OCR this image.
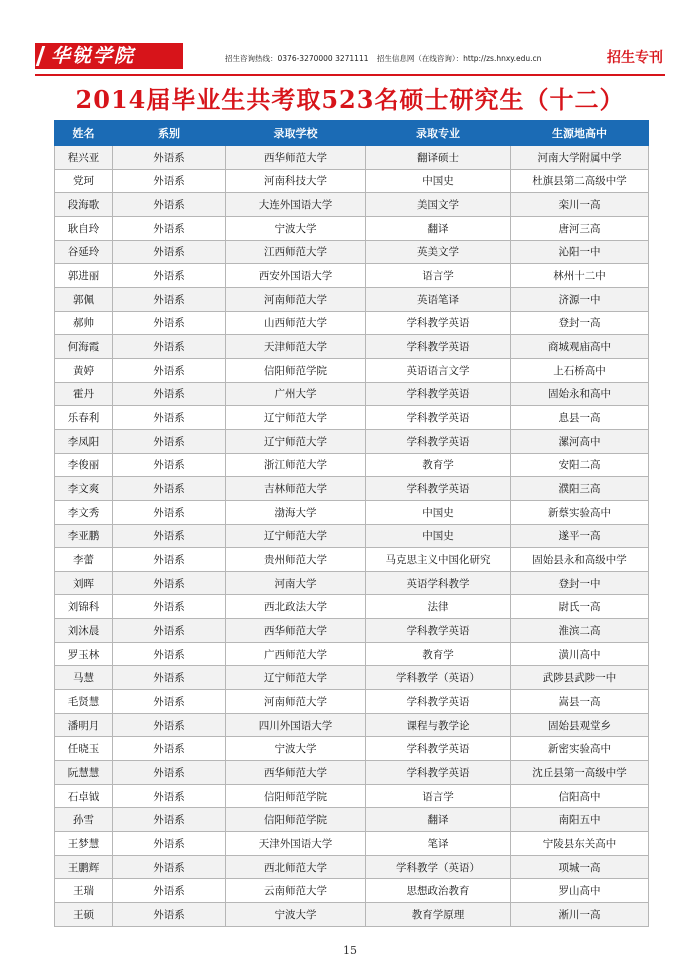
华锐学院	招生咨询热线：0376-3270000 3271111 招生信息网（在线咨询）：http://zs.hnxy.edu.cn	招生专刊
2014届毕业生共考取523名硕士研究生（十二）
姓名	系别	录取学校	录取专业	生源地高中
程兴亚	外语系	西华师范大学	翻译硕士	河南大学附属中学
党珂	外语系	河南科技大学	中国史	杜旗县第二高级中学
段海歌	外语系	大连外国语大学	美国文学	栾川一高
耿自玲	外语系	宁波大学	翻译	唐河三高
谷延玲	外语系	江西师范大学	英美文学	沁阳一中
郭进丽	外语系	西安外国语大学	语言学	林州十二中
郭佩	外语系	河南师范大学	英语笔译	济源一中
郝帅	外语系	山西师范大学	学科教学英语	登封一高
何海霞	外语系	天津师范大学	学科教学英语	商城观庙高中
黄婷	外语系	信阳师范学院	英语语言文学	上石桥高中
霍丹	外语系	广州大学	学科教学英语	固始永和高中
乐春利	外语系	辽宁师范大学	学科教学英语	息县一高
李凤阳	外语系	辽宁师范大学	学科教学英语	漯河高中
李俊丽	外语系	浙江师范大学	教育学	安阳二高
李文爽	外语系	吉林师范大学	学科教学英语	濮阳三高
李文秀	外语系	渤海大学	中国史	新蔡实验高中
李亚鹏	外语系	辽宁师范大学	中国史	遂平一高
李蕾	外语系	贵州师范大学	马克思主义中国化研究	固始县永和高级中学
刘晖	外语系	河南大学	英语学科教学	登封一中
刘锦科	外语系	西北政法大学	法律	尉氏一高
刘沐晨	外语系	西华师范大学	学科教学英语	淮滨二高
罗玉林	外语系	广西师范大学	教育学	潢川高中
马慧	外语系	辽宁师范大学	学科教学（英语）	武陟县武陟一中
毛贤慧	外语系	河南师范大学	学科教学英语	嵩县一高
潘明月	外语系	四川外国语大学	课程与教学论	固始县观堂乡
任晓玉	外语系	宁波大学	学科教学英语	新密实验高中
阮慧慧	外语系	西华师范大学	学科教学英语	沈丘县第一高级中学
石卓钺	外语系	信阳师范学院	语言学	信阳高中
孙雪	外语系	信阳师范学院	翻译	南阳五中
王梦慧	外语系	天津外国语大学	笔译	宁陵县东关高中
王鹏辉	外语系	西北师范大学	学科教学（英语）	项城一高
王瑞	外语系	云南师范大学	思想政治教育	罗山高中
王硕	外语系	宁波大学	教育学原理	淅川一高
15
